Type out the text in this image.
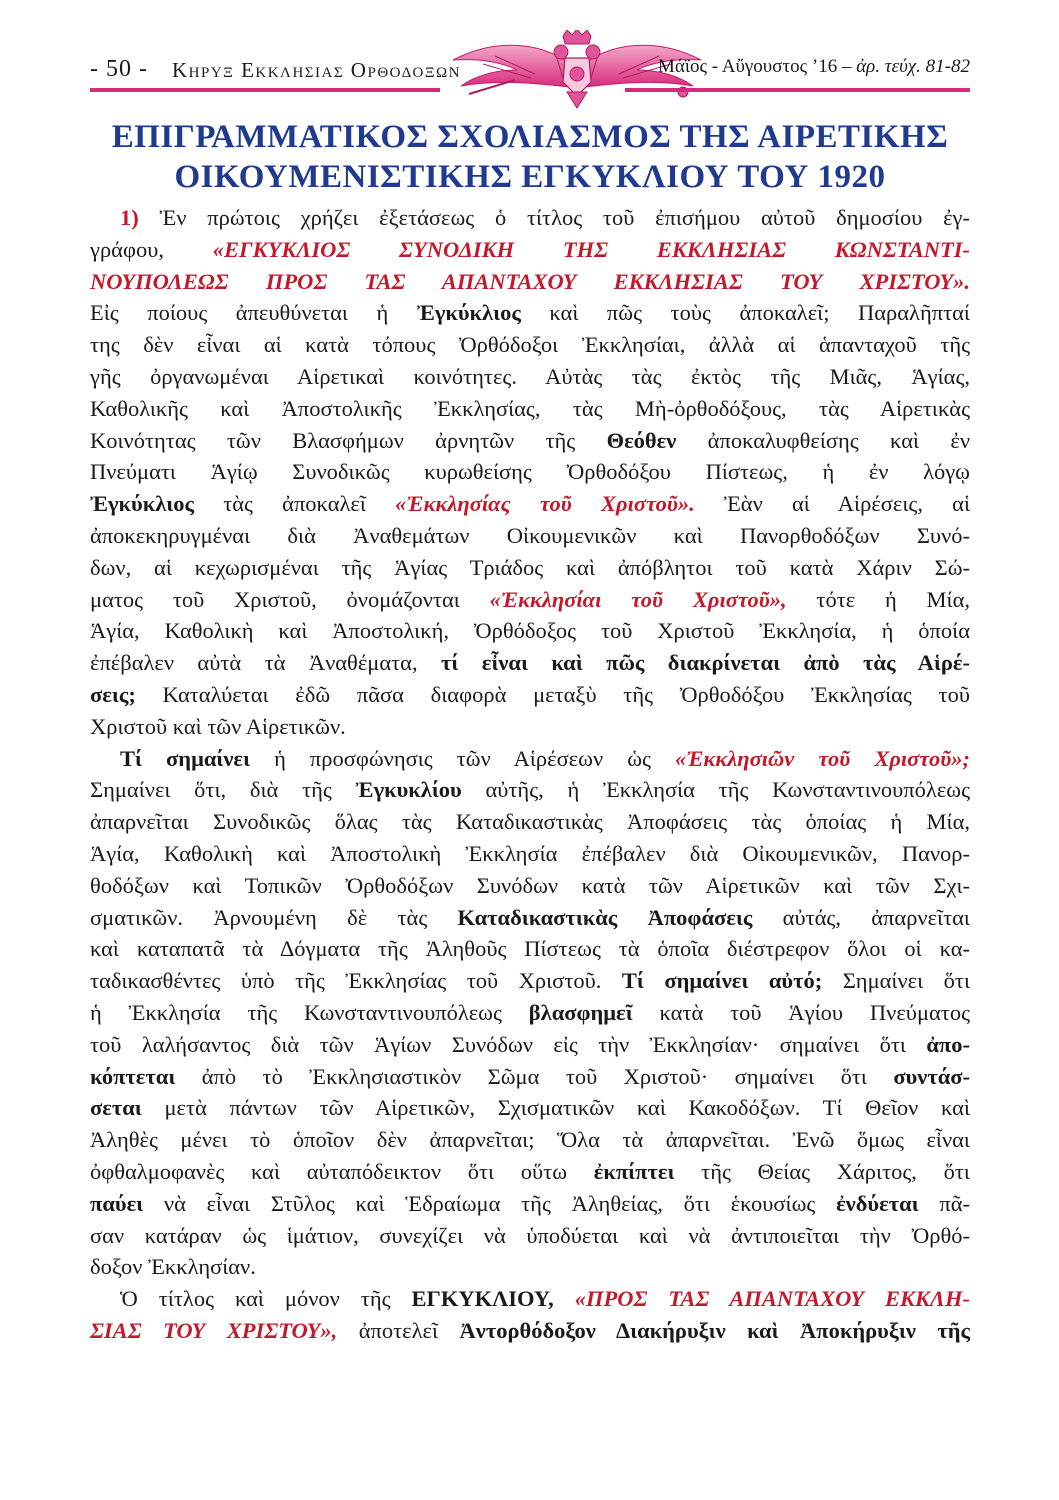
- 50 - Κηρυξ Εκκλησιας Ορθοδοξων	Μάϊος - Αὔγουστος ’16 – ἀρ. τεύχ. 81-82
ΕΠΙΓΡΑΜΜΑΤΙΚΟΣ ΣΧΟΛΙΑΣΜΟΣ ΤΗΣ ΑΙΡΕΤΙΚΗΣ
ΟΙΚΟΥΜΕΝΙΣΤΙΚΗΣ ΕΓΚΥΚΛΙΟΥ ΤΟΥ 1920
1) Ἐν πρώτοις χρήζει ἐξετάσεως ὁ τίτλος τοῦ ἐπισήμου αὐτοῦ δημοσίου ἐγ-
γράφου, «ΕΓΚΥΚΛΙΟΣ ΣΥΝΟΔΙΚΗ ΤΗΣ ΕΚΚΛΗΣΙΑΣ ΚΩΝΣΤΑΝΤΙ-
ΝΟΥΠΟΛΕΩΣ ΠΡΟΣ ΤΑΣ ΑΠΑΝΤΑΧΟΥ ΕΚΚΛΗΣΙΑΣ ΤΟΥ ΧΡΙΣΤΟΥ».
Εἰς ποίους ἀπευθύνεται ἡ Ἐγκύκλιος καὶ πῶς τοὺς ἀποκαλεῖ; Παραλῆπταί
της δὲν εἶναι αἱ κατὰ τόπους Ὀρθόδοξοι Ἐκκλησίαι, ἀλλὰ αἱ ἁπανταχοῦ τῆς
γῆς ὀργανωμέναι Αἱρετικαὶ κοινότητες. Αὐτὰς τὰς ἐκτὸς τῆς Μιᾶς, Ἁγίας,
Καθολικῆς καὶ Ἀποστολικῆς Ἐκκλησίας, τὰς Μὴ-ὀρθοδόξους, τὰς Αἱρετικὰς
Κοινότητας τῶν Βλασφήμων ἀρνητῶν τῆς Θεόθεν ἀποκαλυφθείσης καὶ ἐν
Πνεύματι Ἁγίῳ Συνοδικῶς κυρωθείσης Ὀρθοδόξου Πίστεως, ἡ ἐν λόγῳ
Ἐγκύκλιος τὰς ἀποκαλεῖ «Ἐκκλησίας τοῦ Χριστοῦ». Ἐὰν αἱ Αἱρέσεις, αἱ
ἀποκεκηρυγμέναι διὰ Ἀναθεμάτων Οἰκουμενικῶν καὶ Πανορθοδόξων Συνό-
δων, αἱ κεχωρισμέναι τῆς Ἁγίας Τριάδος καὶ ἀπόβλητοι τοῦ κατὰ Χάριν Σώ-
ματος τοῦ Χριστοῦ, ὀνομάζονται «Ἐκκλησίαι τοῦ Χριστοῦ», τότε ἡ Μία,
Ἁγία, Καθολικὴ καὶ Ἀποστολική, Ὀρθόδοξος τοῦ Χριστοῦ Ἐκκλησία, ἡ ὁποία
ἐπέβαλεν αὐτὰ τὰ Ἀναθέματα, τί εἶναι καὶ πῶς διακρίνεται ἀπὸ τὰς Αἱρέ-
σεις; Καταλύεται ἐδῶ πᾶσα διαφορὰ μεταξὺ τῆς Ὀρθοδόξου Ἐκκλησίας τοῦ
Χριστοῦ καὶ τῶν Αἱρετικῶν.
Τί σημαίνει ἡ προσφώνησις τῶν Αἱρέσεων ὡς «Ἐκκλησιῶν τοῦ Χριστοῦ»;
Σημαίνει ὅτι, διὰ τῆς Ἐγκυκλίου αὐτῆς, ἡ Ἐκκλησία τῆς Κωνσταντινουπόλεως
ἀπαρνεῖται Συνοδικῶς ὅλας τὰς Καταδικαστικὰς Ἀποφάσεις τὰς ὁποίας ἡ Μία,
Ἁγία, Καθολικὴ καὶ Ἀποστολικὴ Ἐκκλησία ἐπέβαλεν διὰ Οἰκουμενικῶν, Πανορ-
θοδόξων καὶ Τοπικῶν Ὀρθοδόξων Συνόδων κατὰ τῶν Αἱρετικῶν καὶ τῶν Σχι-
σματικῶν. Ἀρνουμένη δὲ τὰς Καταδικαστικὰς Ἀποφάσεις αὐτάς, ἀπαρνεῖται
καὶ καταπατᾶ τὰ Δόγματα τῆς Ἀληθοῦς Πίστεως τὰ ὁποῖα διέστρεφον ὅλοι οἱ κα-
ταδικασθέντες ὑπὸ τῆς Ἐκκλησίας τοῦ Χριστοῦ. Τί σημαίνει αὐτό; Σημαίνει ὅτι
ἡ Ἐκκλησία τῆς Κωνσταντινουπόλεως βλασφημεῖ κατὰ τοῦ Ἁγίου Πνεύματος
τοῦ λαλήσαντος διὰ τῶν Ἁγίων Συνόδων εἰς τὴν Ἐκκλησίαν· σημαίνει ὅτι ἀπο-
κόπτεται ἀπὸ τὸ Ἐκκλησιαστικὸν Σῶμα τοῦ Χριστοῦ· σημαίνει ὅτι συντάσ-
σεται μετὰ πάντων τῶν Αἱρετικῶν, Σχισματικῶν καὶ Κακοδόξων. Τί Θεῖον καὶ
Ἀληθὲς μένει τὸ ὁποῖον δὲν ἀπαρνεῖται; Ὅλα τὰ ἀπαρνεῖται. Ἐνῶ ὅμως εἶναι
ὀφθαλμοφανὲς καὶ αὐταπόδεικτον ὅτι οὕτω ἐκπίπτει τῆς Θείας Χάριτος, ὅτι
παύει νὰ εἶναι Στῦλος καὶ Ἑδραίωμα τῆς Ἀληθείας, ὅτι ἑκουσίως ἐνδύεται πᾶ-
σαν κατάραν ὡς ἱμάτιον, συνεχίζει νὰ ὑποδύεται καὶ νὰ ἀντιποιεῖται τὴν Ὀρθό-
δοξον Ἐκκλησίαν.
Ὁ τίτλος καὶ μόνον τῆς ΕΓΚΥΚΛΙΟΥ, «ΠΡΟΣ ΤΑΣ ΑΠΑΝΤΑΧΟΥ ΕΚΚΛΗ-
ΣΙΑΣ ΤΟΥ ΧΡΙΣΤΟΥ», ἀποτελεῖ Ἀντορθόδοξον Διακήρυξιν καὶ Ἀποκήρυξιν τῆς
